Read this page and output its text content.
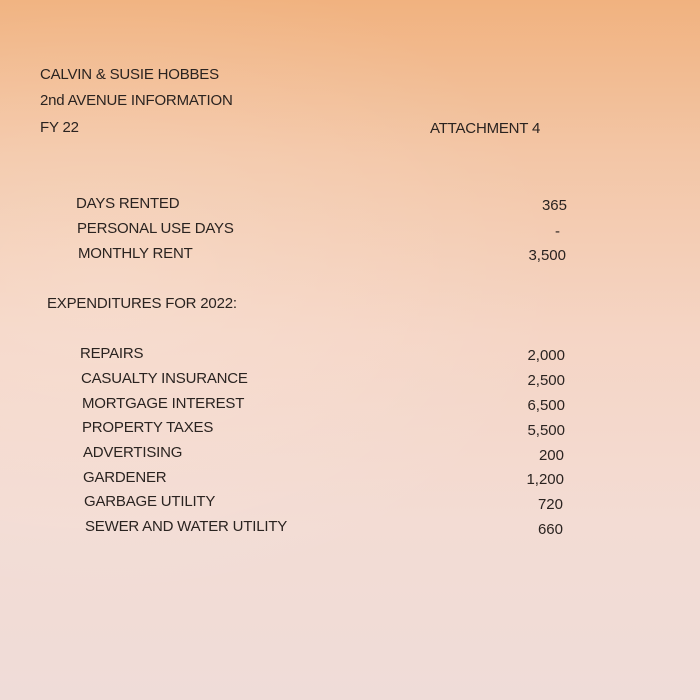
CALVIN & SUSIE HOBBES
2nd AVENUE INFORMATION
FY 22	ATTACHMENT 4
DAYS RENTED	365
PERSONAL USE DAYS	-
MONTHLY RENT	3,500
EXPENDITURES FOR 2022:
REPAIRS	2,000
CASUALTY INSURANCE	2,500
MORTGAGE INTEREST	6,500
PROPERTY TAXES	5,500
ADVERTISING	200
GARDENER	1,200
GARBAGE UTILITY	720
SEWER AND WATER UTILITY	660
